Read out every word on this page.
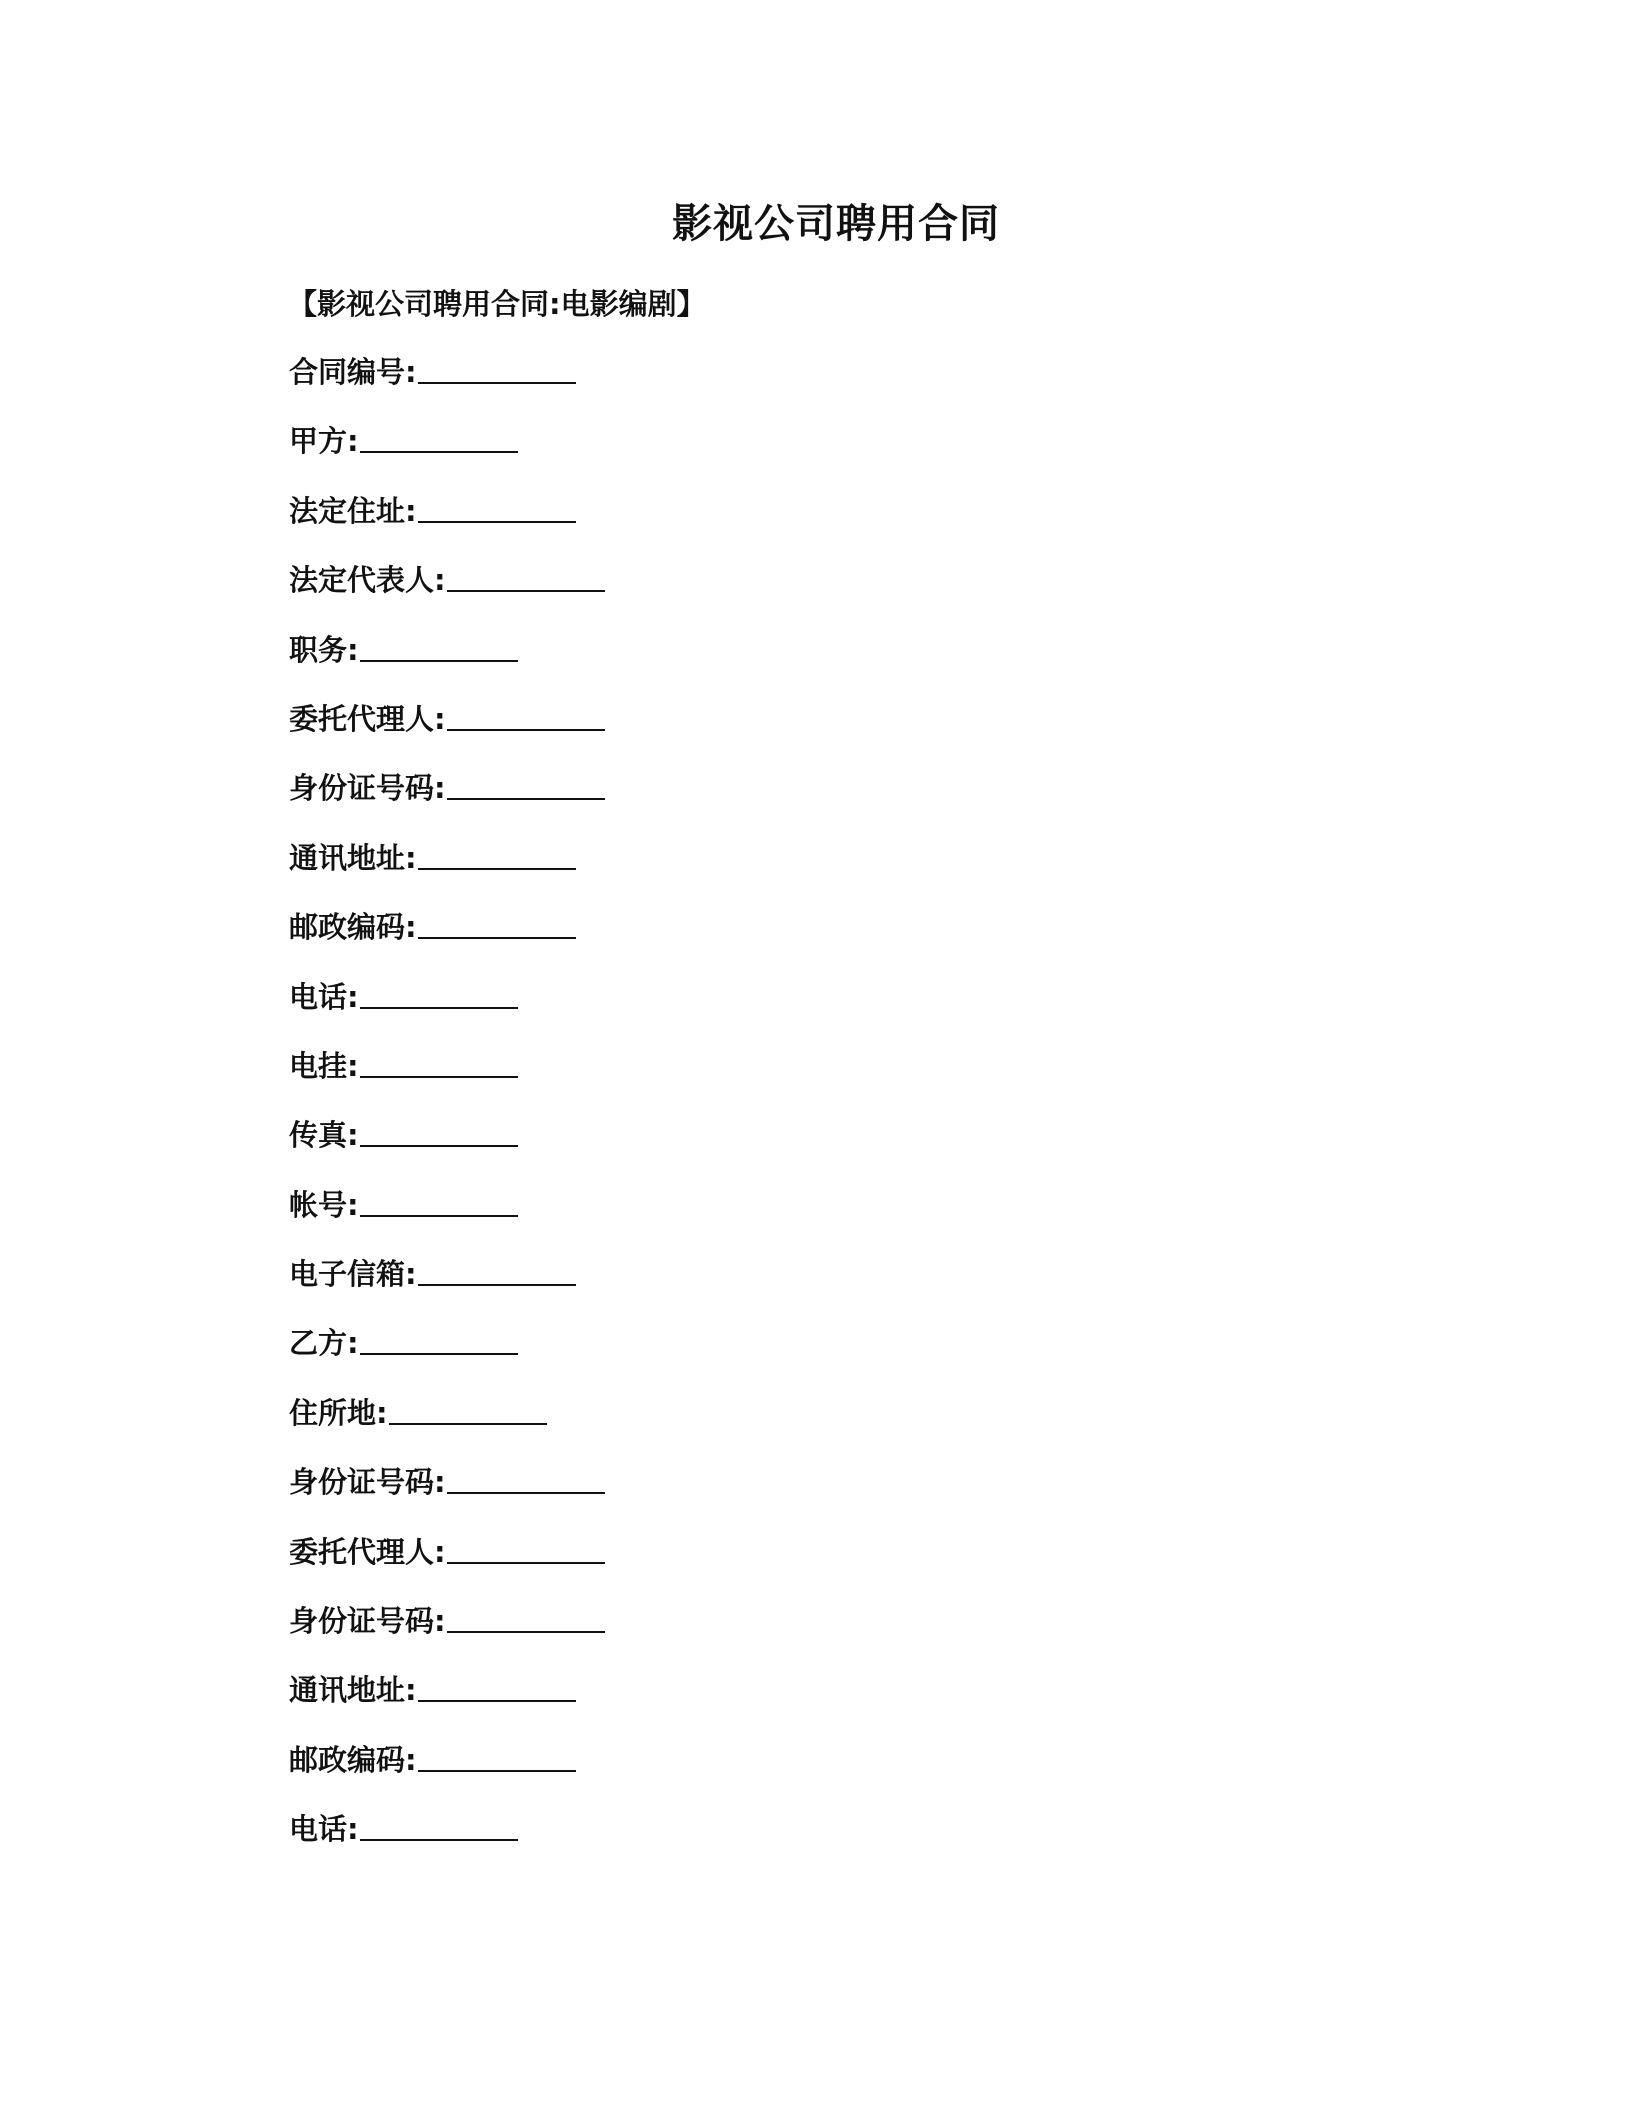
影视公司聘用合同

【影视公司聘用合同:电影编剧】

合同编号:
甲方:
法定住址:
法定代表人:
职务:
委托代理人:
身份证号码:
通讯地址:
邮政编码:
电话:
电挂:
传真:
帐号:
电子信箱:
乙方:
住所地:
身份证号码:
委托代理人:
身份证号码:
通讯地址:
邮政编码:
电话:
